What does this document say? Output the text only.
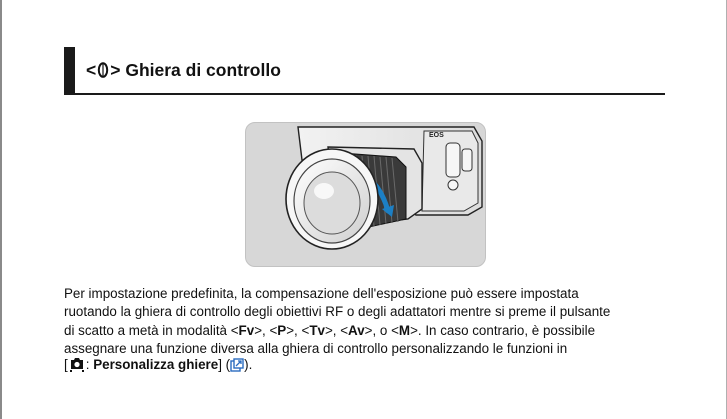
< > Ghiera di controllo
EOS
Per impostazione predefinita, la compensazione dell'esposizione può essere impostata
ruotando la ghiera di controllo degli obiettivi RF o degli adattatori mentre si preme il pulsante
di scatto a metà in modalità <Fv>, <P>, <Tv>, <Av>, o <M>. In caso contrario, è possibile
assegnare una funzione diversa alla ghiera di controllo personalizzando le funzioni in
[ : Personalizza ghiere] ( ).
